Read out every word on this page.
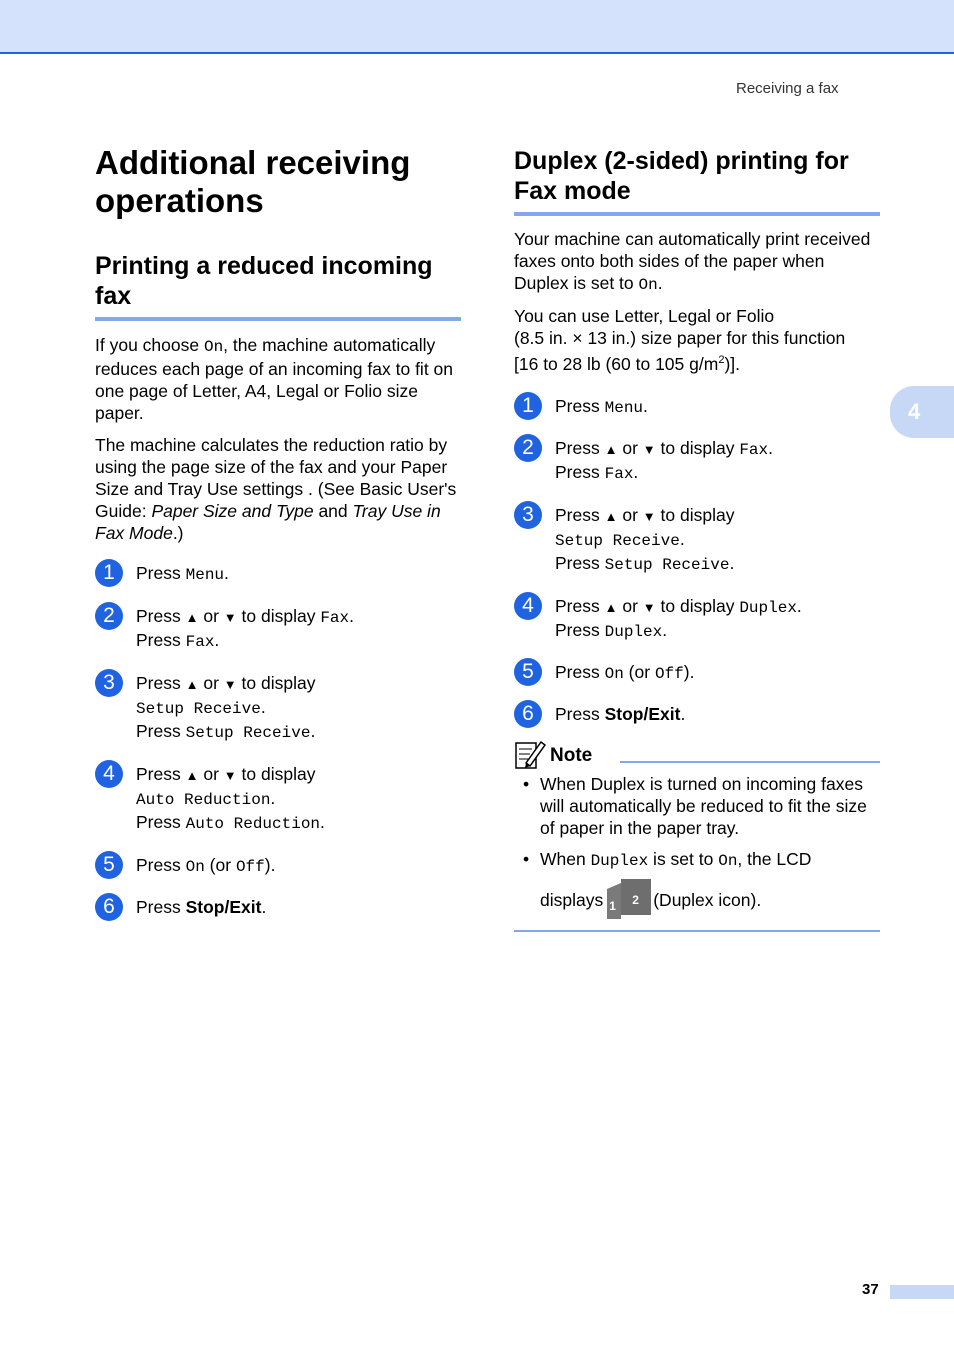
Receiving a fax
4
Additional receiving operations
Printing a reduced incoming fax

If you choose On, the machine automatically reduces each page of an incoming fax to fit on one page of Letter, A4, Legal or Folio size paper.

The machine calculates the reduction ratio by using the page size of the fax and your Paper Size and Tray Use settings . (See Basic User's Guide: Paper Size and Type and Tray Use in Fax Mode.)

1	Press Menu.
2	Press ▲ or ▼ to display Fax.
Press Fax.
3	Press ▲ or ▼ to display
Setup Receive.
Press Setup Receive.
4	Press ▲ or ▼ to display
Auto Reduction.
Press Auto Reduction.
5	Press On (or Off).
6	Press Stop/Exit.
Duplex (2-sided) printing for Fax mode

Your machine can automatically print received faxes onto both sides of the paper when Duplex is set to On.

You can use Letter, Legal or Folio
(8.5 in. × 13 in.) size paper for this function
[16 to 28 lb (60 to 105 $g/m^2$)].

1	Press Menu.
2	Press ▲ or ▼ to display Fax.
Press Fax.
3	Press ▲ or ▼ to display
Setup Receive.
Press Setup Receive.
4	Press ▲ or ▼ to display Duplex.
Press Duplex.
5	Press On (or Off).
6	Press Stop/Exit.
Note
• When Duplex is turned on incoming faxes will automatically be reduced to fit the size of paper in the paper tray.
• When Duplex is set to On, the LCD
displays 1 2 (Duplex icon).
37
